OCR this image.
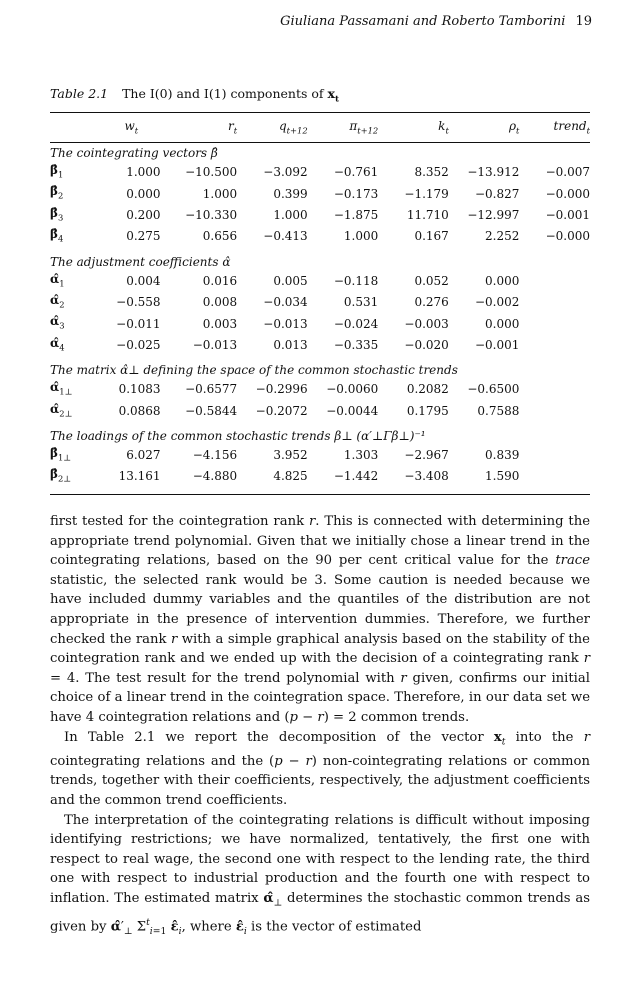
Giuliana Passamani and Roberto Tamborini 19
Table 2.1 The I(0) and I(1) components of $x_t$
	$w_t$	$r_t$	$q_{t+12}$	$\pi_{t+12}$	$k_t$	$\rho_t$	trend$_t$
The cointegrating vectors β̂							
$\betâ_1$	1.000	−10.500	−3.092	−0.761	8.352	−13.912	−0.007
$\betâ_2$	0.000	1.000	0.399	−0.173	−1.179	−0.827	−0.000
$\betâ_3$	0.200	−10.330	1.000	−1.875	11.710	−12.997	−0.001
$\betâ_4$	0.275	0.656	−0.413	1.000	0.167	2.252	−0.000
The adjustment coefficients α̂							
$\alphâ_1$	0.004	0.016	0.005	−0.118	0.052	0.000	
$\alphâ_2$	−0.558	0.008	−0.034	0.531	0.276	−0.002	
$\alphâ_3$	−0.011	0.003	−0.013	−0.024	−0.003	0.000	
$\alphâ_4$	−0.025	−0.013	0.013	−0.335	−0.020	−0.001	
The matrix α̂⊥ defining the space of the common stochastic trends							
$\alphâ_{1\perp}$	0.1083	−0.6577	−0.2996	−0.0060	0.2082	−0.6500	
$\alphâ_{2\perp}$	0.0868	−0.5844	−0.2072	−0.0044	0.1795	0.7588	
The loadings of the common stochastic trends β⊥ (α′⊥Γβ⊥)⁻¹							
$\betâ_{1\perp}$	6.027	−4.156	3.952	1.303	−2.967	0.839	
$\betâ_{2\perp}$	13.161	−4.880	4.825	−1.442	−3.408	1.590	

first tested for the cointegration rank r. This is connected with determining the appropriate trend polynomial. Given that we initially chose a linear trend in the cointegrating relations, based on the 90 per cent critical value for the trace statistic, the selected rank would be 3. Some caution is needed because we have included dummy variables and the quantiles of the distribution are not appropriate in the presence of intervention dummies. Therefore, we further checked the rank r with a simple graphical analysis based on the stability of the cointegration rank and we ended up with the decision of a cointegrating rank r = 4. The test result for the trend polynomial with r given, confirms our initial choice of a linear trend in the cointegration space. Therefore, in our data set we have 4 cointegration relations and (p − r) = 2 common trends.

In Table 2.1 we report the decomposition of the vector $x_t$ into the r cointegrating relations and the (p − r) non-cointegrating relations or common trends, together with their coefficients, respectively, the adjustment coefficients and the common trend coefficients.

The interpretation of the cointegrating relations is difficult without imposing identifying restrictions; we have normalized, tentatively, the first one with respect to real wage, the second one with respect to the lending rate, the third one with respect to industrial production and the fourth one with respect to inflation. The estimated matrix $\alphâ_\perp$ determines the stochastic common trends as given by $\alphâ'_\perp$ $\Sigma^t_{i=1}$ $\varepsilon̂_i$, where $\varepsilon̂_i$ is the vector of estimated
